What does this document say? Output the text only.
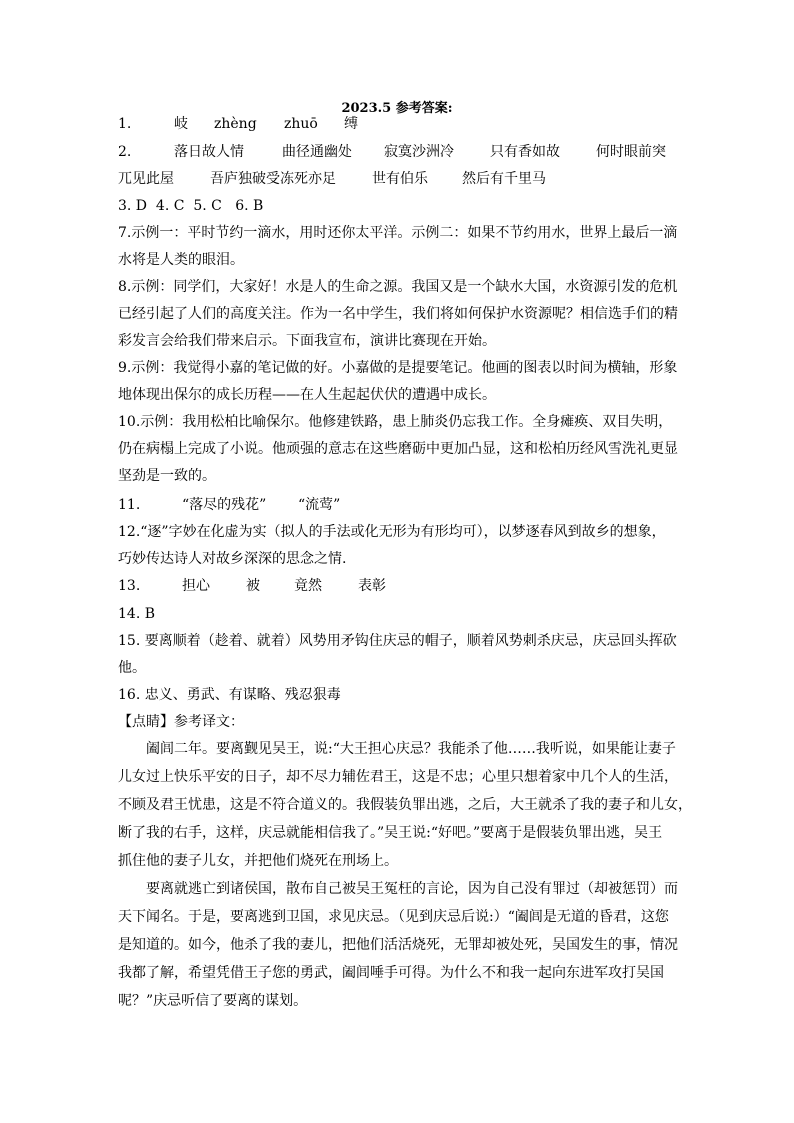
2023.5 参考答案:
1.	岐 zhèng zhuō 缚
2.	落日故人情	曲径通幽处 寂寞沙洲冷	只有香如故	何时眼前突
兀见此屋	吾庐独破受冻死亦足	世有伯乐 然后有千里马
3. D  4. C  5. C   6. B
7.示例一：平时节约一滴水，用时还你太平洋。示例二：如果不节约用水，世界上最后一滴
水将是人类的眼泪。
8.示例：同学们，大家好！水是人的生命之源。我国又是一个缺水大国，水资源引发的危机
已经引起了人们的高度关注。作为一名中学生，我们将如何保护水资源呢？相信选手们的精
彩发言会给我们带来启示。下面我宣布，演讲比赛现在开始。
9.示例：我觉得小嘉的笔记做的好。小嘉做的是提要笔记。他画的图表以时间为横轴，形象
地体现出保尔的成长历程——在人生起起伏伏的遭遇中成长。
10.示例：我用松柏比喻保尔。他修建铁路，患上肺炎仍忘我工作。全身瘫痪、双目失明，
仍在病榻上完成了小说。他顽强的意志在这些磨砺中更加凸显，这和松柏历经风雪洗礼更显
坚劲是一致的。
11.	“落尽的残花” “流莺”
12.“逐”字妙在化虚为实（拟人的手法或化无形为有形均可），以梦逐春风到故乡的想象，
巧妙传达诗人对故乡深深的思念之情.
13.	担心	被 竟然	表彰
14. B
15. 要离顺着（趁着、就着）风势用矛钩住庆忌的帽子，顺着风势刺杀庆忌，庆忌回头挥砍
他。
16. 忠义、勇武、有谋略、残忍狠毒
【点睛】参考译文：
阖闾二年。要离觐见吴王，说:“大王担心庆忌？我能杀了他……我听说，如果能让妻子
儿女过上快乐平安的日子，却不尽力辅佐君王，这是不忠；心里只想着家中几个人的生活，
不顾及君王忧患，这是不符合道义的。我假装负罪出逃，之后，大王就杀了我的妻子和儿女，
断了我的右手，这样，庆忌就能相信我了。”吴王说:“好吧。”要离于是假装负罪出逃，吴王
抓住他的妻子儿女，并把他们烧死在刑场上。
要离就逃亡到诸侯国，散布自己被吴王冤枉的言论，因为自己没有罪过（却被惩罚）而
天下闻名。于是，要离逃到卫国，求见庆忌。（见到庆忌后说:）“阖闾是无道的昏君，这您
是知道的。如今，他杀了我的妻儿，把他们活活烧死，无罪却被处死，吴国发生的事，情况
我都了解，希望凭借王子您的勇武，阖闾唾手可得。为什么不和我一起向东进军攻打吴国
呢？”庆忌听信了要离的谋划。
